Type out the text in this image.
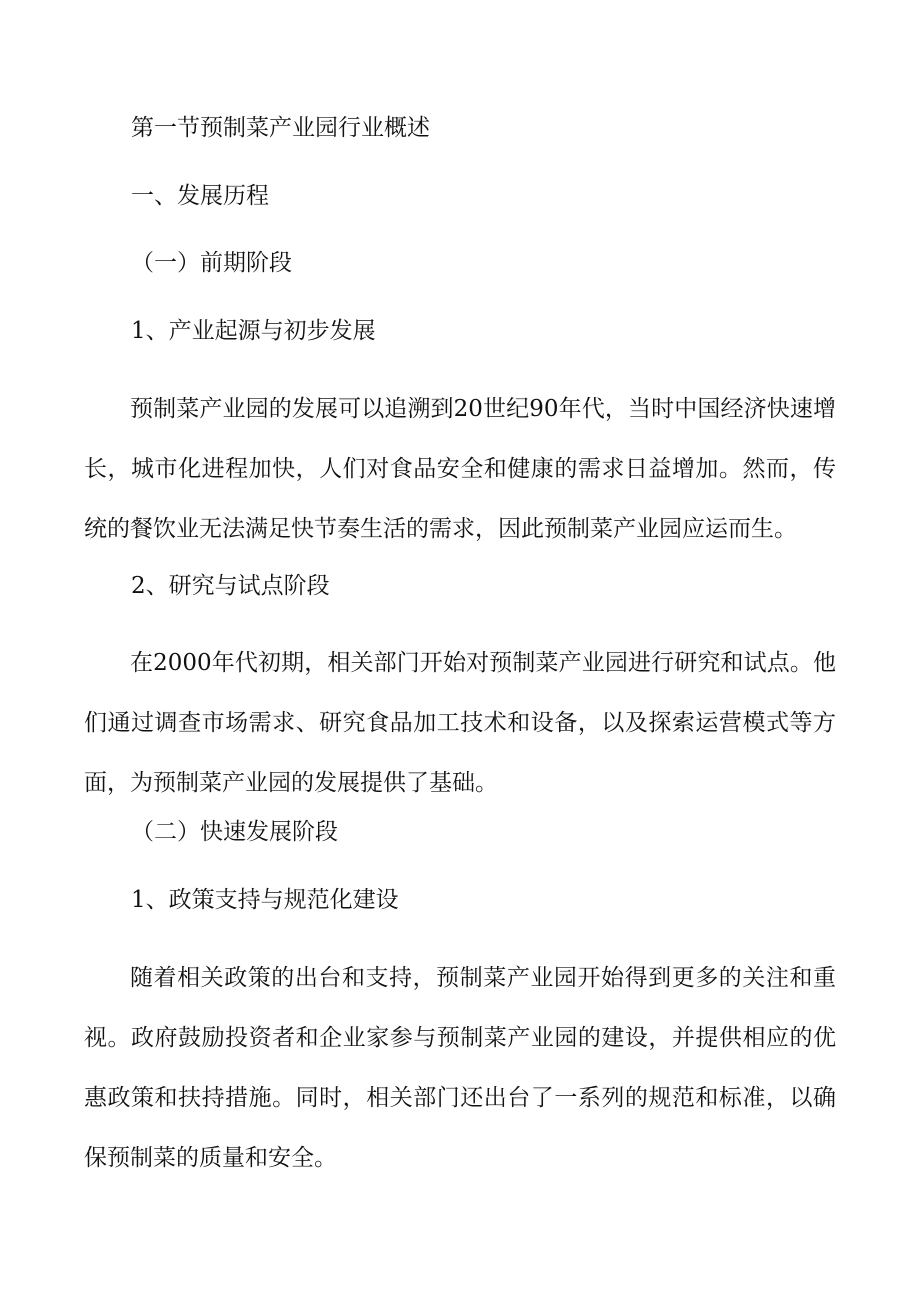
第一节预制菜产业园行业概述
一、发展历程
（一）前期阶段
1、产业起源与初步发展

预制菜产业园的发展可以追溯到20世纪90年代，当时中国经济快速增长，城市化进程加快，人们对食品安全和健康的需求日益增加。然而，传统的餐饮业无法满足快节奏生活的需求，因此预制菜产业园应运而生。

2、研究与试点阶段

在2000年代初期，相关部门开始对预制菜产业园进行研究和试点。他们通过调查市场需求、研究食品加工技术和设备，以及探索运营模式等方面，为预制菜产业园的发展提供了基础。

（二）快速发展阶段
1、政策支持与规范化建设

随着相关政策的出台和支持，预制菜产业园开始得到更多的关注和重视。政府鼓励投资者和企业家参与预制菜产业园的建设，并提供相应的优惠政策和扶持措施。同时，相关部门还出台了一系列的规范和标准，以确保预制菜的质量和安全。
